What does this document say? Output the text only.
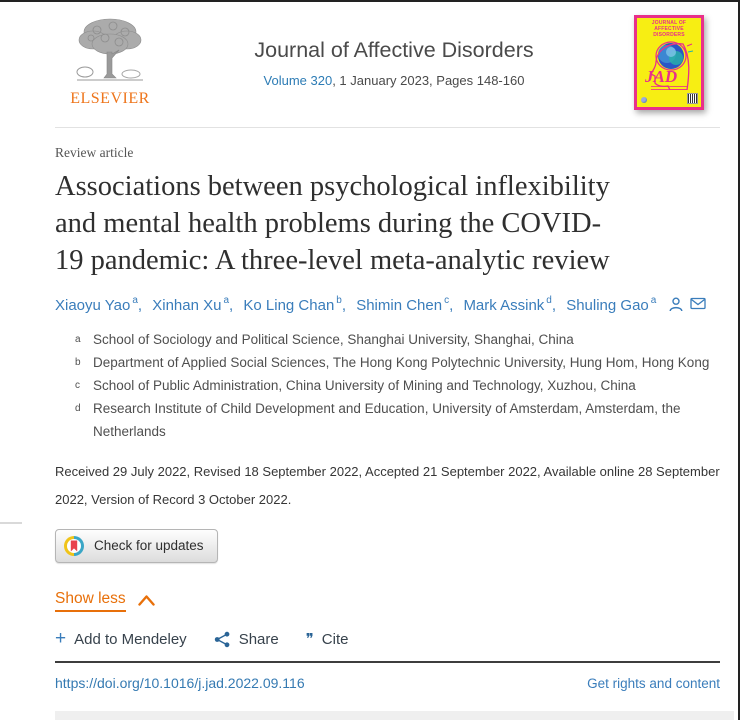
ELSEVIER
Journal of Affective Disorders
Volume 320, 1 January 2023, Pages 148-160
JOURNAL OF AFFECTIVE DISORDERS
JAD
Review article
Associations between psychological inflexibility
and mental health problems during the COVID-
19 pandemic: A three-level meta-analytic review
Xiaoyu Yao $^a$, Xinhan Xu $^a$, Ko Ling Chan $^b$, Shimin Chen $^c$, Mark Assink $^d$, Shuling Gao $^a$
a School of Sociology and Political Science, Shanghai University, Shanghai, China
b Department of Applied Social Sciences, The Hong Kong Polytechnic University, Hung Hom, Hong Kong
c School of Public Administration, China University of Mining and Technology, Xuzhou, China
d Research Institute of Child Development and Education, University of Amsterdam, Amsterdam, the Netherlands

Received 29 July 2022, Revised 18 September 2022, Accepted 21 September 2022, Available online 28 September 2022, Version of Record 3 October 2022.

Check for updates
Show less
+ Add to Mendeley	Share ❞ Cite
https://doi.org/10.1016/j.jad.2022.09.116	Get rights and content
